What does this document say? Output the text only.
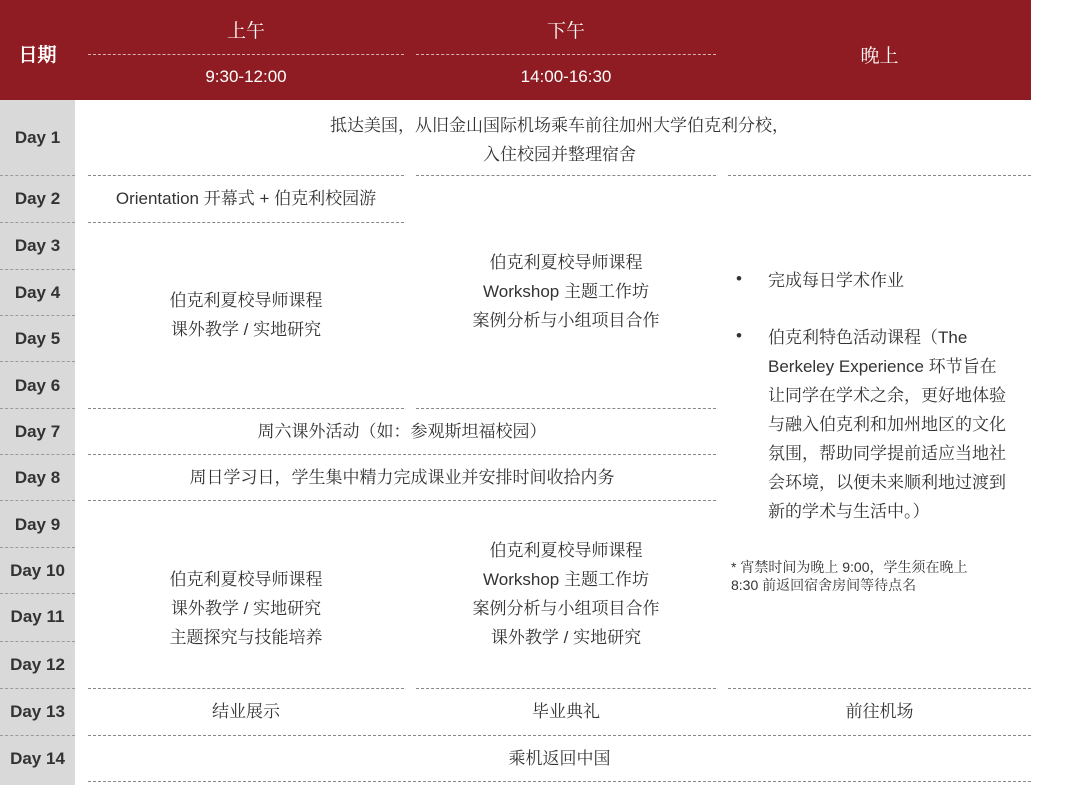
日期
上午
9:30-12:00
下午
14:00-16:30
晚上
Day 1
Day 2
Day 3
Day 4
Day 5
Day 6
Day 7
Day 8
Day 9
Day 10
Day 11
Day 12
Day 13
Day 14
抵达美国，从旧金山国际机场乘车前往加州大学伯克利分校，
入住校园并整理宿舍
Orientation 开幕式 + 伯克利校园游
伯克利夏校导师课程
课外教学 / 实地研究
伯克利夏校导师课程
Workshop 主题工作坊
案例分析与小组项目合作
周六课外活动（如：参观斯坦福校园）
周日学习日，学生集中精力完成课业并安排时间收拾内务
伯克利夏校导师课程
课外教学 / 实地研究
主题探究与技能培养
伯克利夏校导师课程
Workshop 主题工作坊
案例分析与小组项目合作
课外教学 / 实地研究
• 完成每日学术作业
• 伯克利特色活动课程（The
Berkeley Experience 环节旨在
让同学在学术之余，更好地体验
与融入伯克利和加州地区的文化
氛围，帮助同学提前适应当地社
会环境，以便未来顺利地过渡到
新的学术与生活中。）
* 宵禁时间为晚上 9:00，学生须在晚上
8:30 前返回宿舍房间等待点名
结业展示	毕业典礼	前往机场
乘机返回中国
